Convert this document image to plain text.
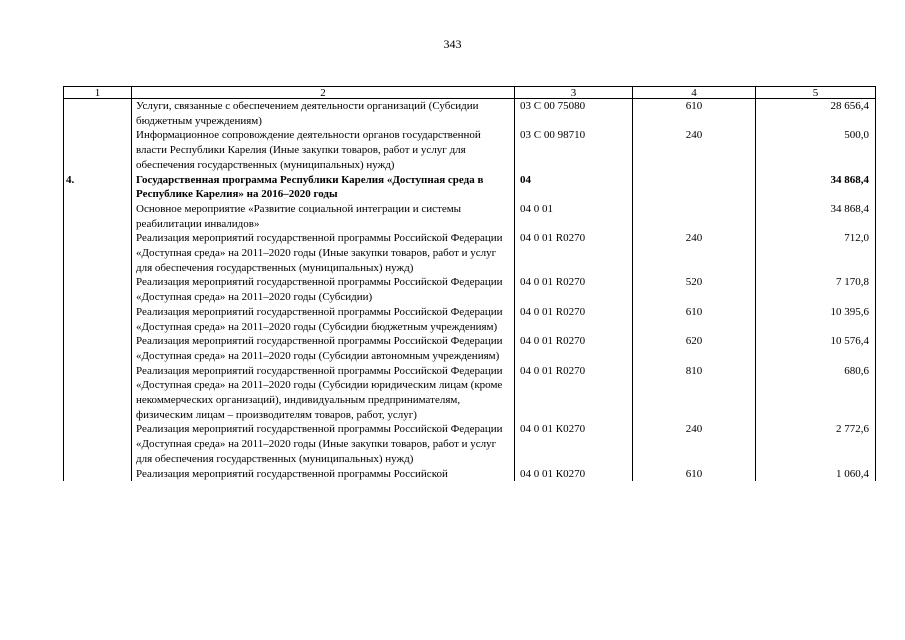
343
1	2	3	4	5
	Услуги, связанные с обеспечением деятельности организаций (Субсидии бюджетным учреждениям)	03 С 00 75080	610	28 656,4
	Информационное сопровождение деятельности органов государственной власти Республики Карелия (Иные закупки товаров, работ и услуг для обеспечения государственных (муниципальных) нужд)	03 С 00 98710	240	500,0
4.	Государственная программа Республики Карелия «Доступная среда в Республике Карелия» на 2016–2020 годы	04		34 868,4
	Основное мероприятие «Развитие социальной интеграции и системы реабилитации инвалидов»	04 0 01		34 868,4
	Реализация мероприятий государственной программы Российской Федерации «Доступная среда» на 2011–2020 годы (Иные закупки товаров, работ и услуг для обеспечения государственных (муниципальных) нужд)	04 0 01 R0270	240	712,0
	Реализация мероприятий государственной программы Российской Федерации «Доступная среда» на 2011–2020 годы (Субсидии)	04 0 01 R0270	520	7 170,8
	Реализация мероприятий государственной программы Российской Федерации «Доступная среда» на 2011–2020 годы (Субсидии бюджетным учреждениям)	04 0 01 R0270	610	10 395,6
	Реализация мероприятий государственной программы Российской Федерации «Доступная среда» на 2011–2020 годы (Субсидии автономным учреждениям)	04 0 01 R0270	620	10 576,4
	Реализация мероприятий государственной программы Российской Федерации «Доступная среда» на 2011–2020 годы (Субсидии юридическим лицам (кроме некоммерческих организаций), индивидуальным предпринимателям, физическим лицам – производителям товаров, работ, услуг)	04 0 01 R0270	810	680,6
	Реализация мероприятий государственной программы Российской Федерации «Доступная среда» на 2011–2020 годы (Иные закупки товаров, работ и услуг для обеспечения государственных (муниципальных) нужд)	04 0 01 К0270	240	2 772,6
	Реализация мероприятий государственной программы Российской	04 0 01 К0270	610	1 060,4
